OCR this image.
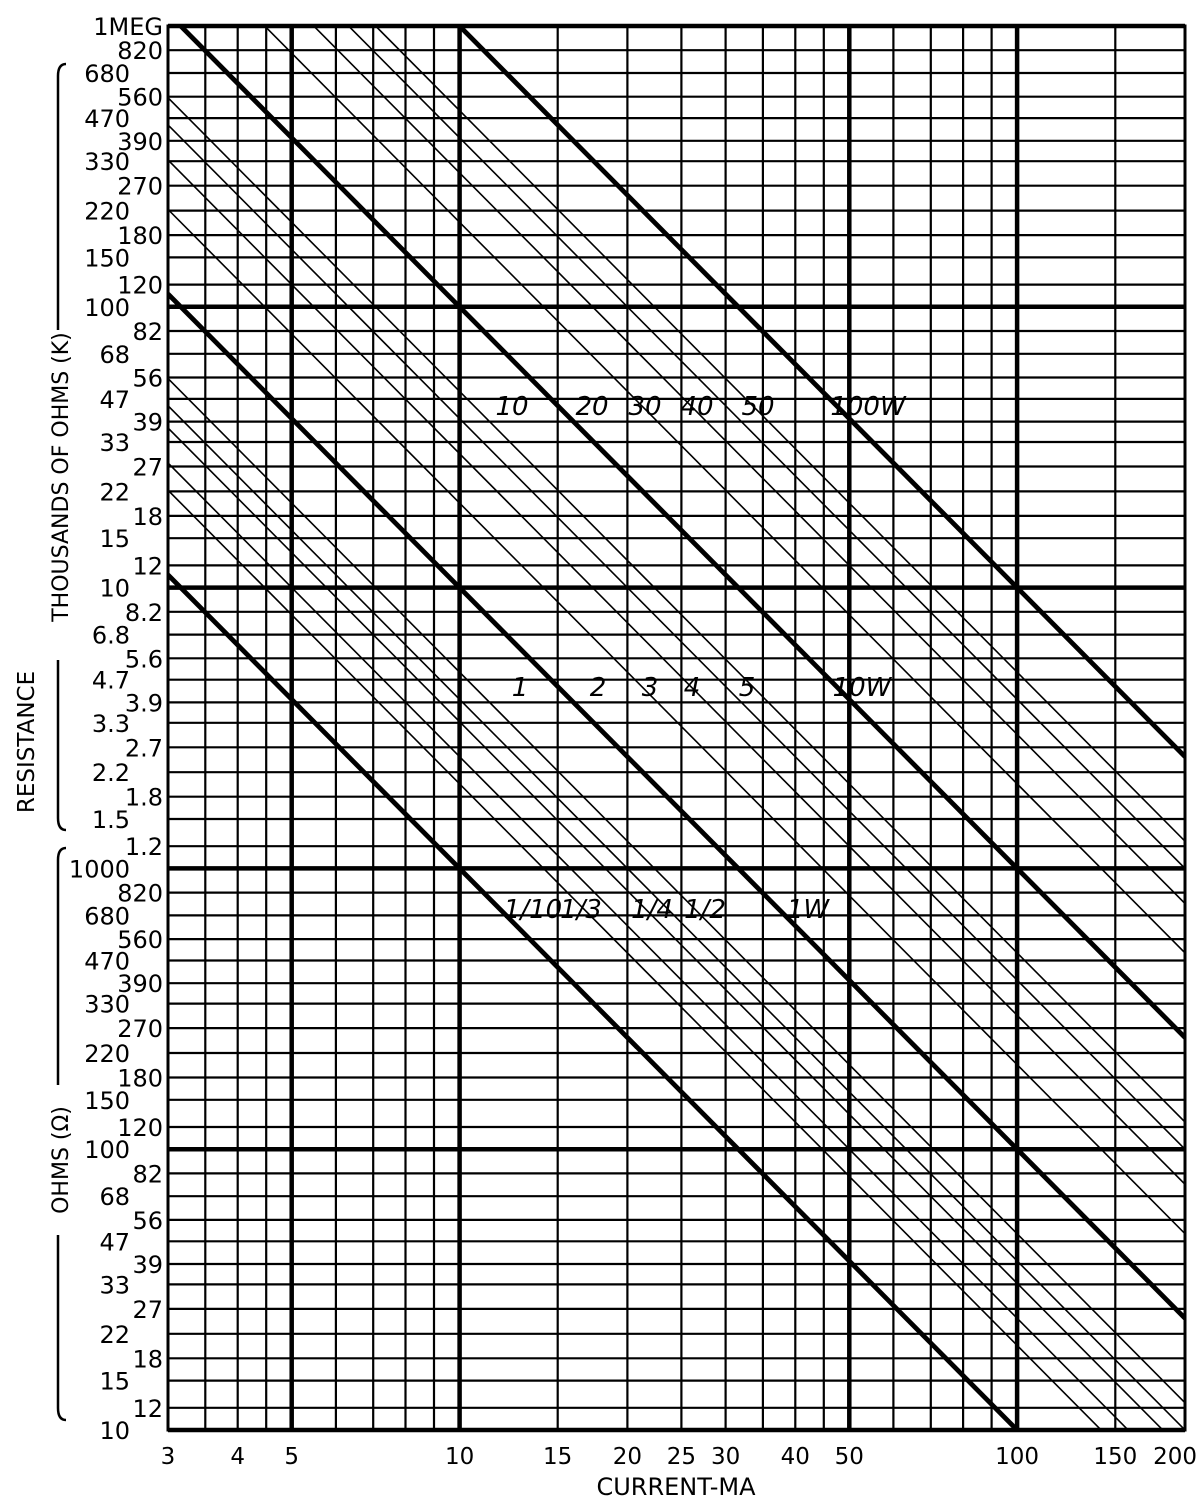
1/10
1/3 1/4 1/2 1W
1 2 3 4 5	10W
10 20 30 40 50 100W
3 4 5	10	15 20 25 30 40 50	100 150 200
680
470
330
220
150
100
68
47
33
22
15
10
6.8
4.7
3.3
2.2
1.5
1000
680
470
330
220
150
100
68
47
33
22
15
10
1MEG
820
560
390
270
180
120
82
56
39
27
18
12
8.2
5.6
3.9
2.7
1.8
1.2
820
560
390
270
180
120
82
56
39
27
18
12
CURRENT-MA
RESISTANCE
THOUSANDS OF OHMS (K)
OHMS (Ω)
